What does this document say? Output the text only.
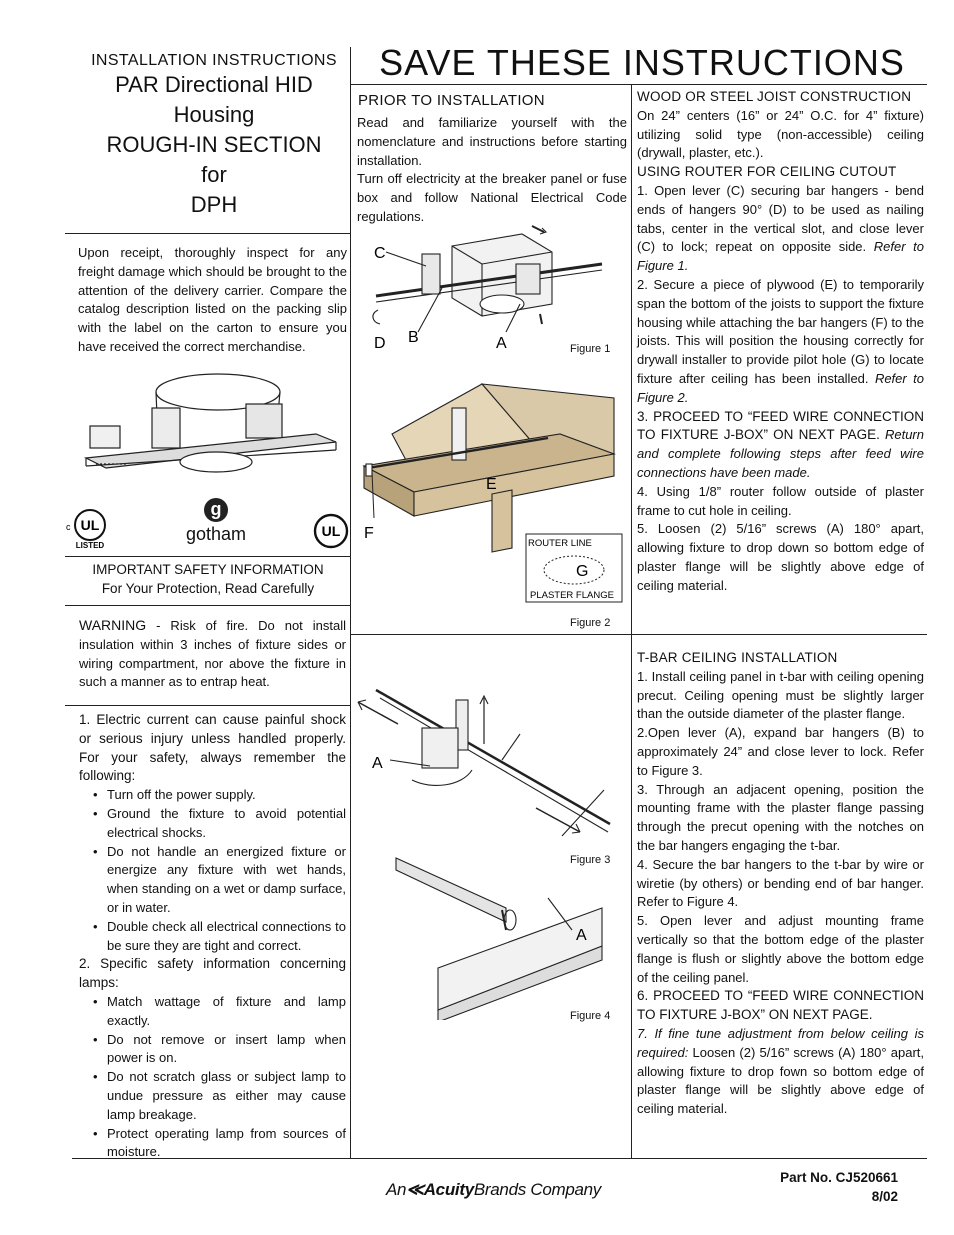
INSTALLATION INSTRUCTIONS
PAR Directional HID
Housing
ROUGH-IN SECTION
for
DPH
SAVE THESE INSTRUCTIONS
Upon receipt, thoroughly inspect for any freight damage which should be brought to the attention of the delivery carrier. Compare the catalog description listed on the packing slip with the label on the carton to ensure you have received the correct merchandise.
c UL
LISTED
g
gotham	UL
IMPORTANT SAFETY INFORMATION
For Your Protection, Read Carefully
WARNING - Risk of fire. Do not install insulation within 3 inches of fixture sides or wiring compartment, nor above the fixture in such a manner as to entrap heat.
1. Electric current can cause painful shock or serious injury unless handled properly. For your safety, always remember the following:
• Turn off the power supply.
• Ground the fixture to avoid potential electrical shocks.
• Do not handle an energized fixture or energize any fixture with wet hands, when standing on a wet or damp surface, or in water.
• Double check all electrical connections to be sure they are tight and correct.
2. Specific safety information concerning lamps:
• Match wattage of fixture and lamp exactly.
• Do not remove or insert lamp when power is on.
• Do not scratch glass or subject lamp to undue pressure as either may cause lamp breakage.
• Protect operating lamp from sources of moisture.
PRIOR TO INSTALLATION
Read and familiarize yourself with the nomenclature and instructions before starting installation.
Turn off electricity at the breaker panel or fuse box and follow National Electrical Code regulations.
C
D B	A	Figure 1
E
F
ROUTER LINE
G
PLASTER FLANGE
Figure 2
A
Figure 3
A
Figure 4
WOOD OR STEEL JOIST CONSTRUCTION
On 24” centers (16” or 24” O.C. for 4” fixture) utilizing solid type (non-accessible) ceiling (drywall, plaster, etc.).
USING ROUTER FOR CEILING CUTOUT
1. Open lever (C) securing bar hangers - bend ends of hangers 90° (D) to be used as nailing tabs, center in the vertical slot, and close lever (C) to lock; repeat on opposite side. Refer to Figure 1.
2. Secure a piece of plywood (E) to temporarily span the bottom of the joists to support the fixture housing while attaching the bar hangers (F) to the joists. This will position the housing correctly for drywall installer to provide pilot hole (G) to locate fixture after ceiling has been installed. Refer to Figure 2.
3. PROCEED TO “FEED WIRE CONNECTION TO FIXTURE J-BOX” ON NEXT PAGE. Return and complete following steps after feed wire connections have been made.
4. Using 1/8” router follow outside of plaster frame to cut hole in ceiling.
5. Loosen (2) 5/16” screws (A) 180° apart, allowing fixture to drop down so bottom edge of plaster flange will be slightly above edge of ceiling material.
T-BAR CEILING INSTALLATION
1. Install ceiling panel in t-bar with ceiling opening precut. Ceiling opening must be slightly larger than the outside diameter of the plaster flange.
2.Open lever (A), expand bar hangers (B) to approximately 24” and close lever to lock. Refer to Figure 3.
3. Through an adjacent opening, position the mounting frame with the plaster flange passing through the precut opening with the notches on the bar hangers engaging the t-bar.
4. Secure the bar hangers to the t-bar by wire or wiretie (by others) or bending end of bar hanger. Refer to Figure 4.
5. Open lever and adjust mounting frame vertically so that the bottom edge of the plaster flange is flush or slightly above the bottom edge of the ceiling panel.
6. PROCEED TO “FEED WIRE CONNECTION TO FIXTURE J-BOX” ON NEXT PAGE.
7. If fine tune adjustment from below ceiling is required: Loosen (2) 5/16” screws (A) 180° apart, allowing fixture to drop fown so bottom edge of plaster flange will be slightly above edge of ceiling material.
An≪AcuityBrands Company
Part No. CJ520661
8/02
